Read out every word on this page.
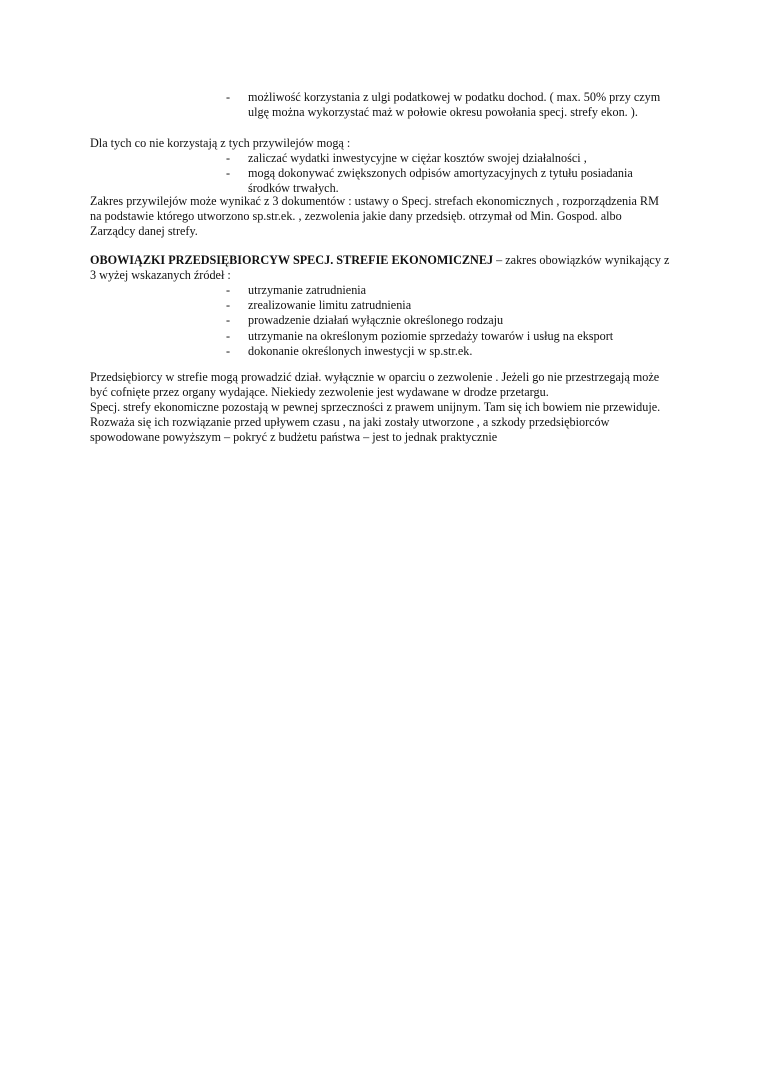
-	możliwość korzystania z ulgi podatkowej w podatku dochod. ( max. 50% przy czym ulgę można wykorzystać maż w połowie okresu powołania specj. strefy ekon. ).

Dla tych co nie korzystają z tych przywilejów mogą :

-	zaliczać wydatki inwestycyjne w ciężar kosztów swojej działalności ,
-	mogą dokonywać zwiększonych odpisów amortyzacyjnych z tytułu posiadania środków trwałych.

Zakres przywilejów może wynikać z 3 dokumentów : ustawy o Specj. strefach ekonomicznych , rozporządzenia RM na podstawie którego utworzono sp.str.ek. , zezwolenia jakie dany przedsięb. otrzymał od Min. Gospod. albo Zarządcy danej strefy.

OBOWIĄZKI PRZEDSIĘBIORCYW SPECJ. STREFIE EKONOMICZNEJ – zakres obowiązków wynikający z 3 wyżej wskazanych źródeł :

-	utrzymanie zatrudnienia
-	zrealizowanie limitu zatrudnienia
-	prowadzenie działań wyłącznie określonego rodzaju
-	utrzymanie na określonym poziomie sprzedaży towarów i usług na eksport
-	dokonanie określonych inwestycji w sp.str.ek.

Przedsiębiorcy w strefie mogą prowadzić dział. wyłącznie w oparciu o zezwolenie . Jeżeli go nie przestrzegają może być cofnięte przez organy wydające. Niekiedy zezwolenie jest wydawane w drodze przetargu.

Specj. strefy ekonomiczne pozostają w pewnej sprzeczności z prawem unijnym. Tam się ich bowiem nie przewiduje. Rozważa się ich rozwiązanie przed upływem czasu , na jaki zostały utworzone , a szkody przedsiębiorców spowodowane powyższym – pokryć z budżetu państwa – jest to jednak praktycznie
